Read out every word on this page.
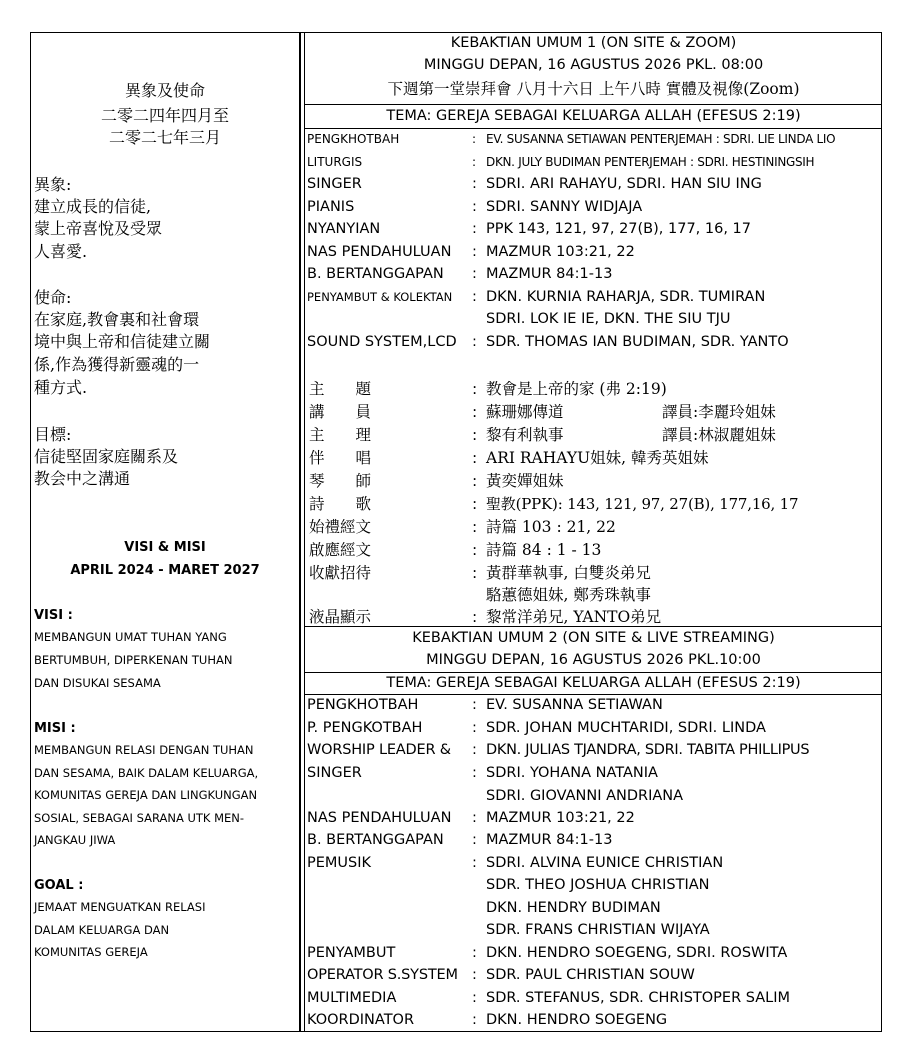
異象及使命
二零二四年四月至
二零二七年三月
異象:
建立成長的信徒,
蒙上帝喜悅及受眾
人喜愛.
使命:
在家庭,教會裏和社會環
境中與上帝和信徒建立關
係,作為獲得新靈魂的一
種方式.
目標:
信徒堅固家庭關系及
教会中之溝通
VISI & MISI
APRIL 2024 - MARET 2027
VISI :
MEMBANGUN UMAT TUHAN YANG
BERTUMBUH, DIPERKENAN TUHAN
DAN DISUKAI SESAMA
MISI :
MEMBANGUN RELASI DENGAN TUHAN
DAN SESAMA, BAIK DALAM KELUARGA,
KOMUNITAS GEREJA DAN LINGKUNGAN
SOSIAL, SEBAGAI SARANA UTK MEN-
JANGKAU JIWA
GOAL :
JEMAAT MENGUATKAN RELASI
DALAM KELUARGA DAN
KOMUNITAS GEREJA
KEBAKTIAN UMUM 1 (ON SITE & ZOOM)
MINGGU DEPAN, 16 AGUSTUS 2026 PKL. 08:00
下週第一堂崇拜會 八月十六日 上午八時 實體及視像(Zoom)
TEMA: GEREJA SEBAGAI KELUARGA ALLAH (EFESUS 2:19)
PENGKHOTBAH	: EV. SUSANNA SETIAWAN PENTERJEMAH : SDRI. LIE LINDA LIO
LITURGIS	: DKN. JULY BUDIMAN PENTERJEMAH : SDRI. HESTININGSIH
SINGER	: SDRI. ARI RAHAYU, SDRI. HAN SIU ING
PIANIS	: SDRI. SANNY WIDJAJA
NYANYIAN	: PPK 143, 121, 97, 27(B), 177, 16, 17
NAS PENDAHULUAN : MAZMUR 103:21, 22
B. BERTANGGAPAN : MAZMUR 84:1-13
PENYAMBUT & KOLEKTAN : DKN. KURNIA RAHARJA, SDR. TUMIRAN
SDRI. LOK IE IE, DKN. THE SIU TJU
SOUND SYSTEM,LCD : SDR. THOMAS IAN BUDIMAN, SDR. YANTO
主　　題	: 教會是上帝的家 (弗 2:19)
講　　員	: 蘇珊娜傳道	譯員:李麗玲姐妹
主　　理	: 黎有利執事	譯員:林淑麗姐妹
伴　　唱	: ARI RAHAYU姐妹, 韓秀英姐妹
琴　　師	: 黃奕嬋姐妹
詩　　歌	: 聖教(PPK): 143, 121, 97, 27(B), 177,16, 17
始禮經文	: 詩篇 103 : 21, 22
啟應經文	: 詩篇 84 : 1 - 13
收獻招待	: 黃群華執事, 白雙炎弟兄
駱蕙德姐妹, 鄭秀珠執事
液晶顯示	: 黎常洋弟兄, YANTO弟兄
KEBAKTIAN UMUM 2 (ON SITE & LIVE STREAMING)
MINGGU DEPAN, 16 AGUSTUS 2026 PKL.10:00
TEMA: GEREJA SEBAGAI KELUARGA ALLAH (EFESUS 2:19)
PENGKHOTBAH	: EV. SUSANNA SETIAWAN
P. PENGKOTBAH	: SDR. JOHAN MUCHTARIDI, SDRI. LINDA
WORSHIP LEADER & : DKN. JULIAS TJANDRA, SDRI. TABITA PHILLIPUS
SINGER	: SDRI. YOHANA NATANIA
SDRI. GIOVANNI ANDRIANA
NAS PENDAHULUAN : MAZMUR 103:21, 22
B. BERTANGGAPAN : MAZMUR 84:1-13
PEMUSIK	: SDRI. ALVINA EUNICE CHRISTIAN
SDR. THEO JOSHUA CHRISTIAN
DKN. HENDRY BUDIMAN
SDR. FRANS CHRISTIAN WIJAYA
PENYAMBUT	: DKN. HENDRO SOEGENG, SDRI. ROSWITA
OPERATOR S.SYSTEM : SDR. PAUL CHRISTIAN SOUW
MULTIMEDIA	: SDR. STEFANUS, SDR. CHRISTOPER SALIM
KOORDINATOR	: DKN. HENDRO SOEGENG
